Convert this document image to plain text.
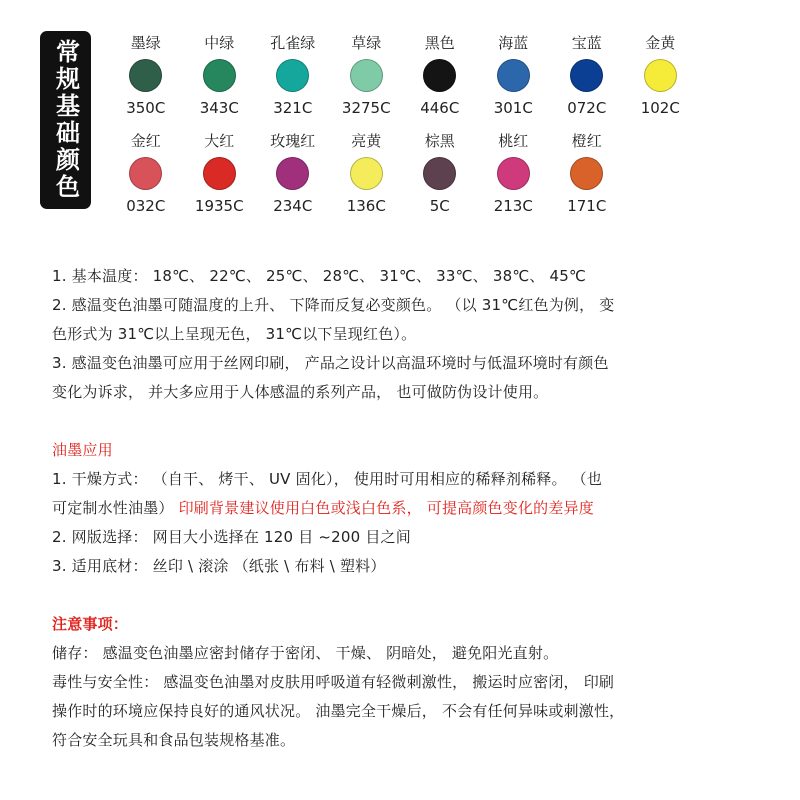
常规基础颜色	墨绿
350C
中绿
343C
孔雀绿
321C
草绿
3275C
黑色
446C
海蓝
301C
宝蓝
072C
金黄
102C
金红
032C
大红
1935C
玫瑰红
234C
亮黄
136C
棕黑
5C
桃红
213C
橙红
171C

1. 基本温度： 18℃、 22℃、 25℃、 28℃、 31℃、 33℃、 38℃、 45℃

2. 感温变色油墨可随温度的上升、 下降而反复必变颜色。 （以 31℃红色为例， 变

色形式为 31℃以上呈现无色， 31℃以下呈现红色）。

3. 感温变色油墨可应用于丝网印刷， 产品之设计以高温环境时与低温环境时有颜色

变化为诉求， 并大多应用于人体感温的系列产品， 也可做防伪设计使用。

油墨应用

1. 干燥方式： （自干、 烤干、 UV 固化）， 使用时可用相应的稀释剂稀释。 （也

可定制水性油墨） 印刷背景建议使用白色或浅白色系， 可提高颜色变化的差异度

2. 网版选择： 网目大小选择在 120 目 ~200 目之间

3. 适用底材： 丝印 \ 滚涂 （纸张 \ 布料 \ 塑料）

注意事项：

储存： 感温变色油墨应密封储存于密闭、 干燥、 阴暗处， 避免阳光直射。

毒性与安全性： 感温变色油墨对皮肤用呼吸道有轻微刺激性， 搬运时应密闭， 印刷

操作时的环境应保持良好的通风状况。 油墨完全干燥后， 不会有任何异味或刺激性，

符合安全玩具和食品包装规格基准。
